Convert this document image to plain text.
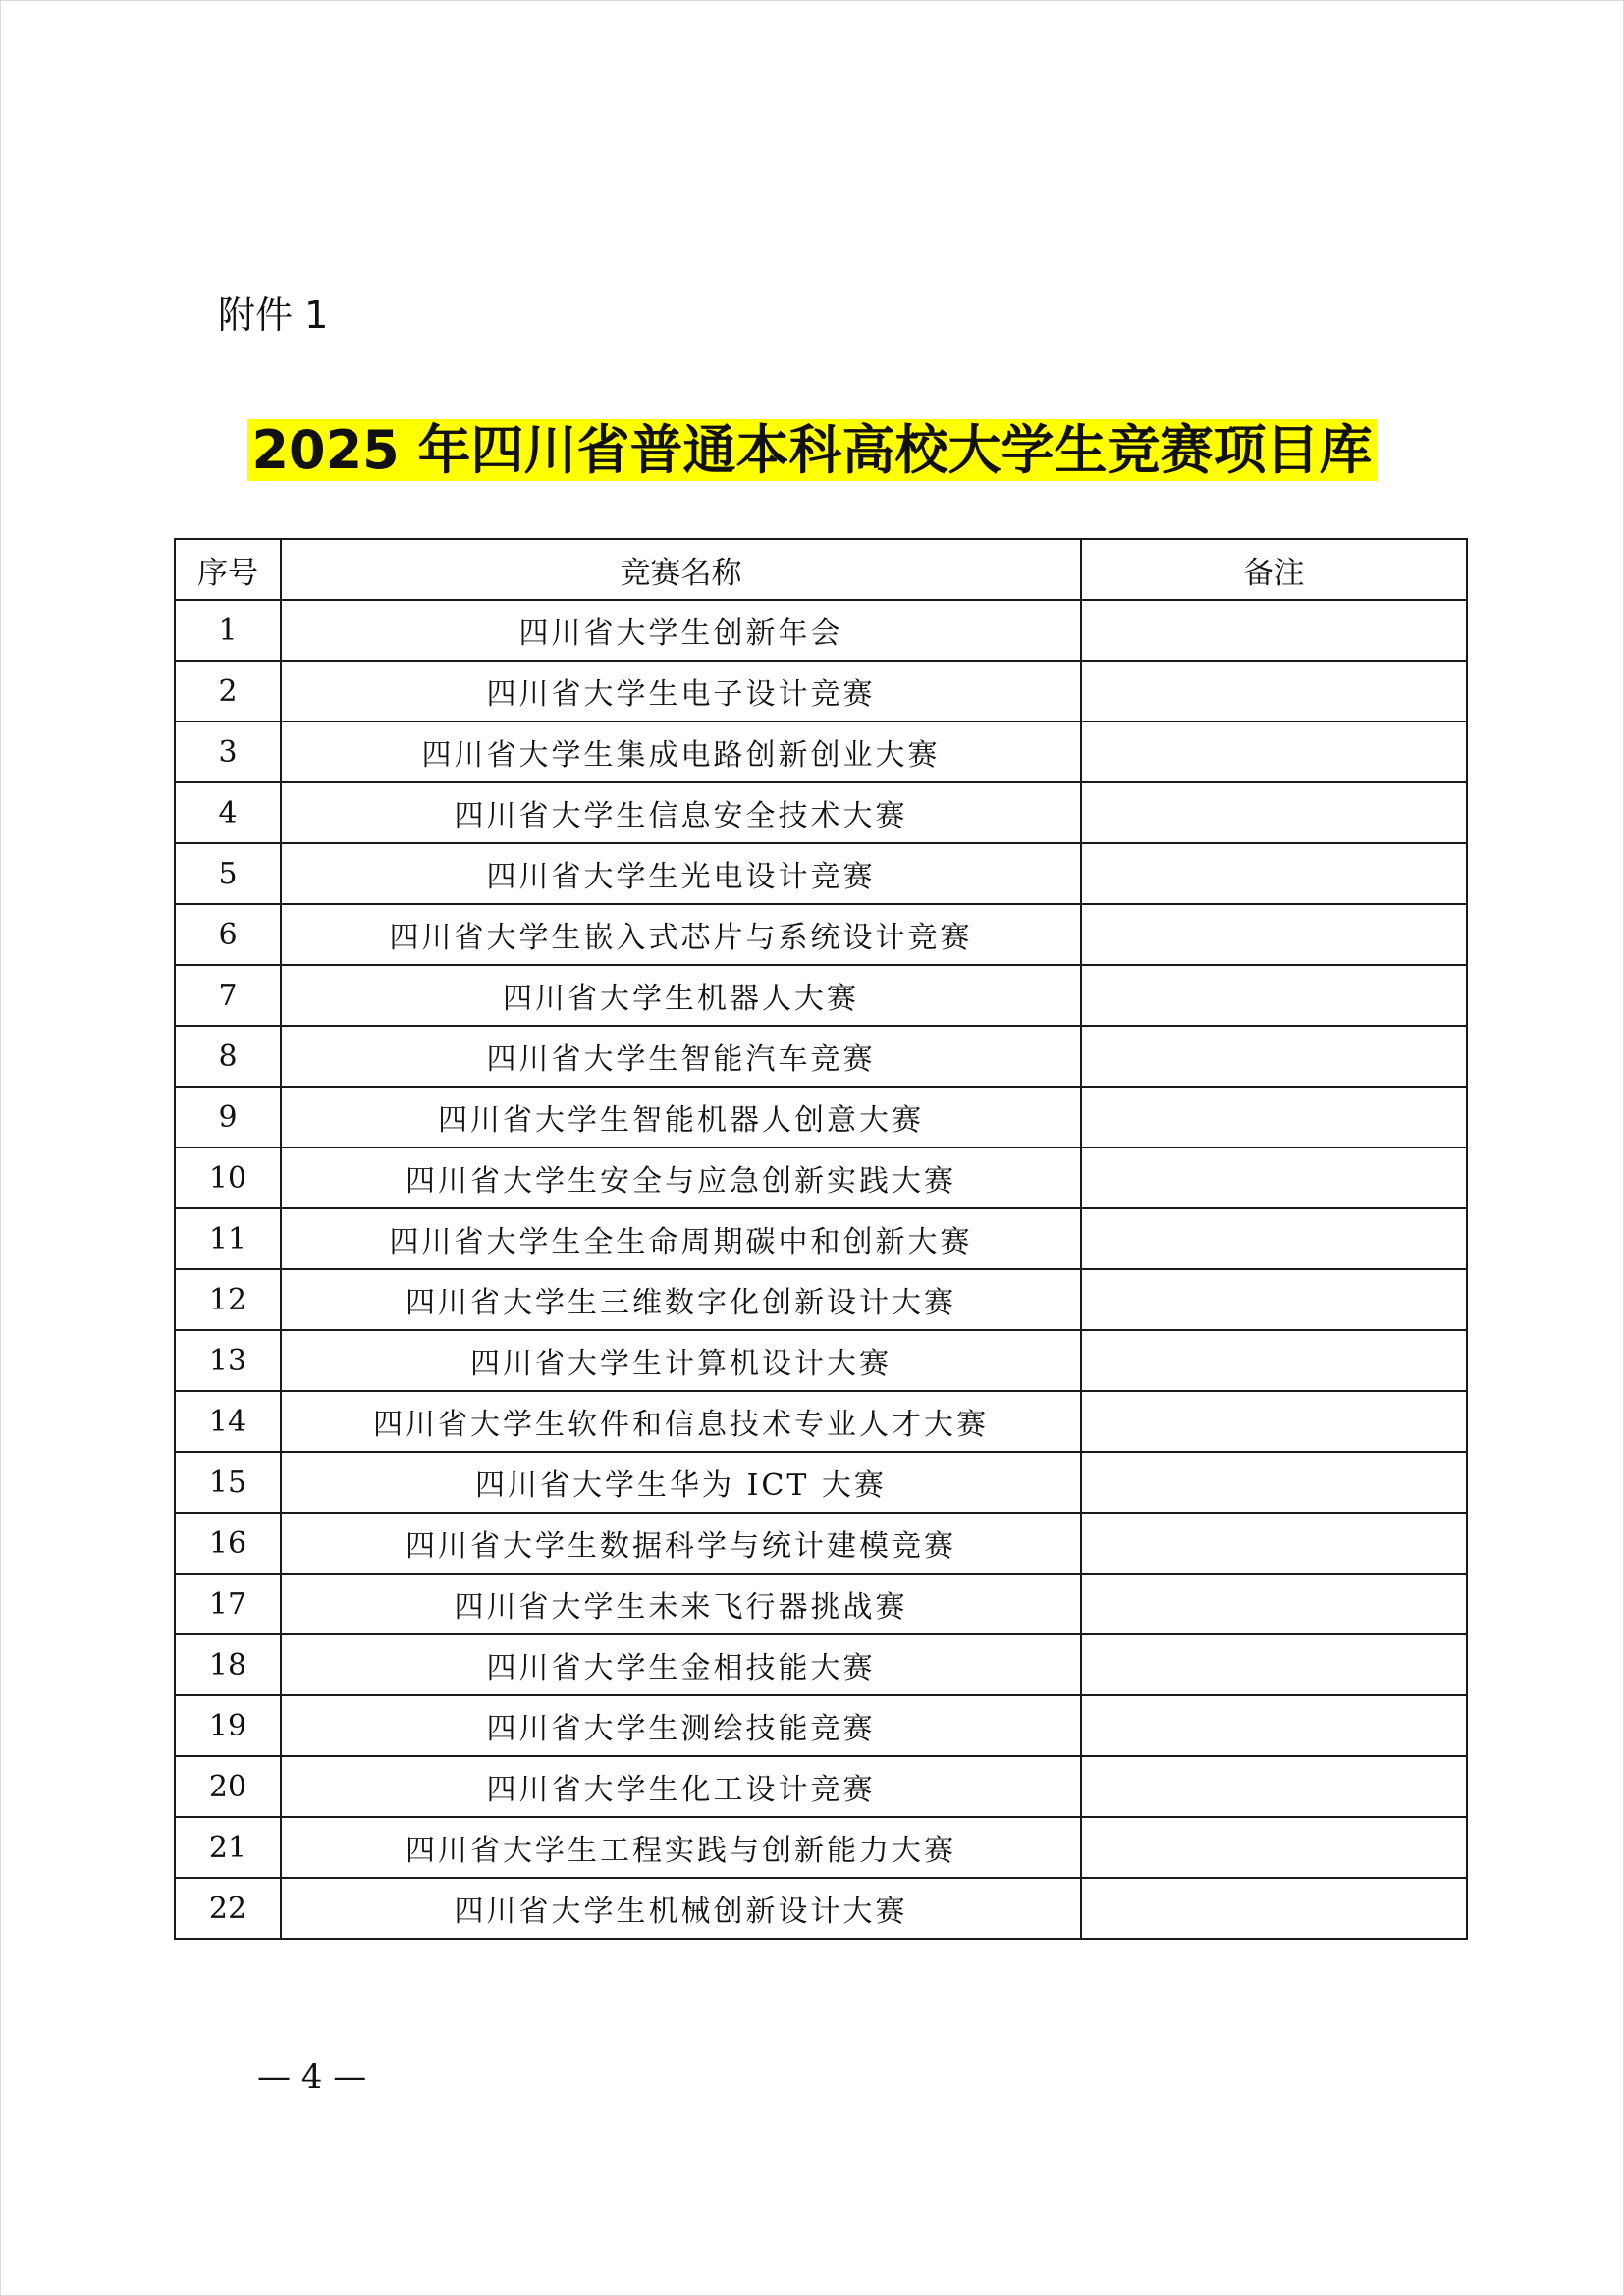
附件 1
2025 年四川省普通本科高校大学生竞赛项目库
序号	竞赛名称	备注
1	四川省大学生创新年会	
2	四川省大学生电子设计竞赛	
3	四川省大学生集成电路创新创业大赛	
4	四川省大学生信息安全技术大赛	
5	四川省大学生光电设计竞赛	
6	四川省大学生嵌入式芯片与系统设计竞赛	
7	四川省大学生机器人大赛	
8	四川省大学生智能汽车竞赛	
9	四川省大学生智能机器人创意大赛	
10	四川省大学生安全与应急创新实践大赛	
11	四川省大学生全生命周期碳中和创新大赛	
12	四川省大学生三维数字化创新设计大赛	
13	四川省大学生计算机设计大赛	
14	四川省大学生软件和信息技术专业人才大赛	
15	四川省大学生华为 ICT 大赛	
16	四川省大学生数据科学与统计建模竞赛	
17	四川省大学生未来飞行器挑战赛	
18	四川省大学生金相技能大赛	
19	四川省大学生测绘技能竞赛	
20	四川省大学生化工设计竞赛	
21	四川省大学生工程实践与创新能力大赛	
22	四川省大学生机械创新设计大赛	
— 4 —
